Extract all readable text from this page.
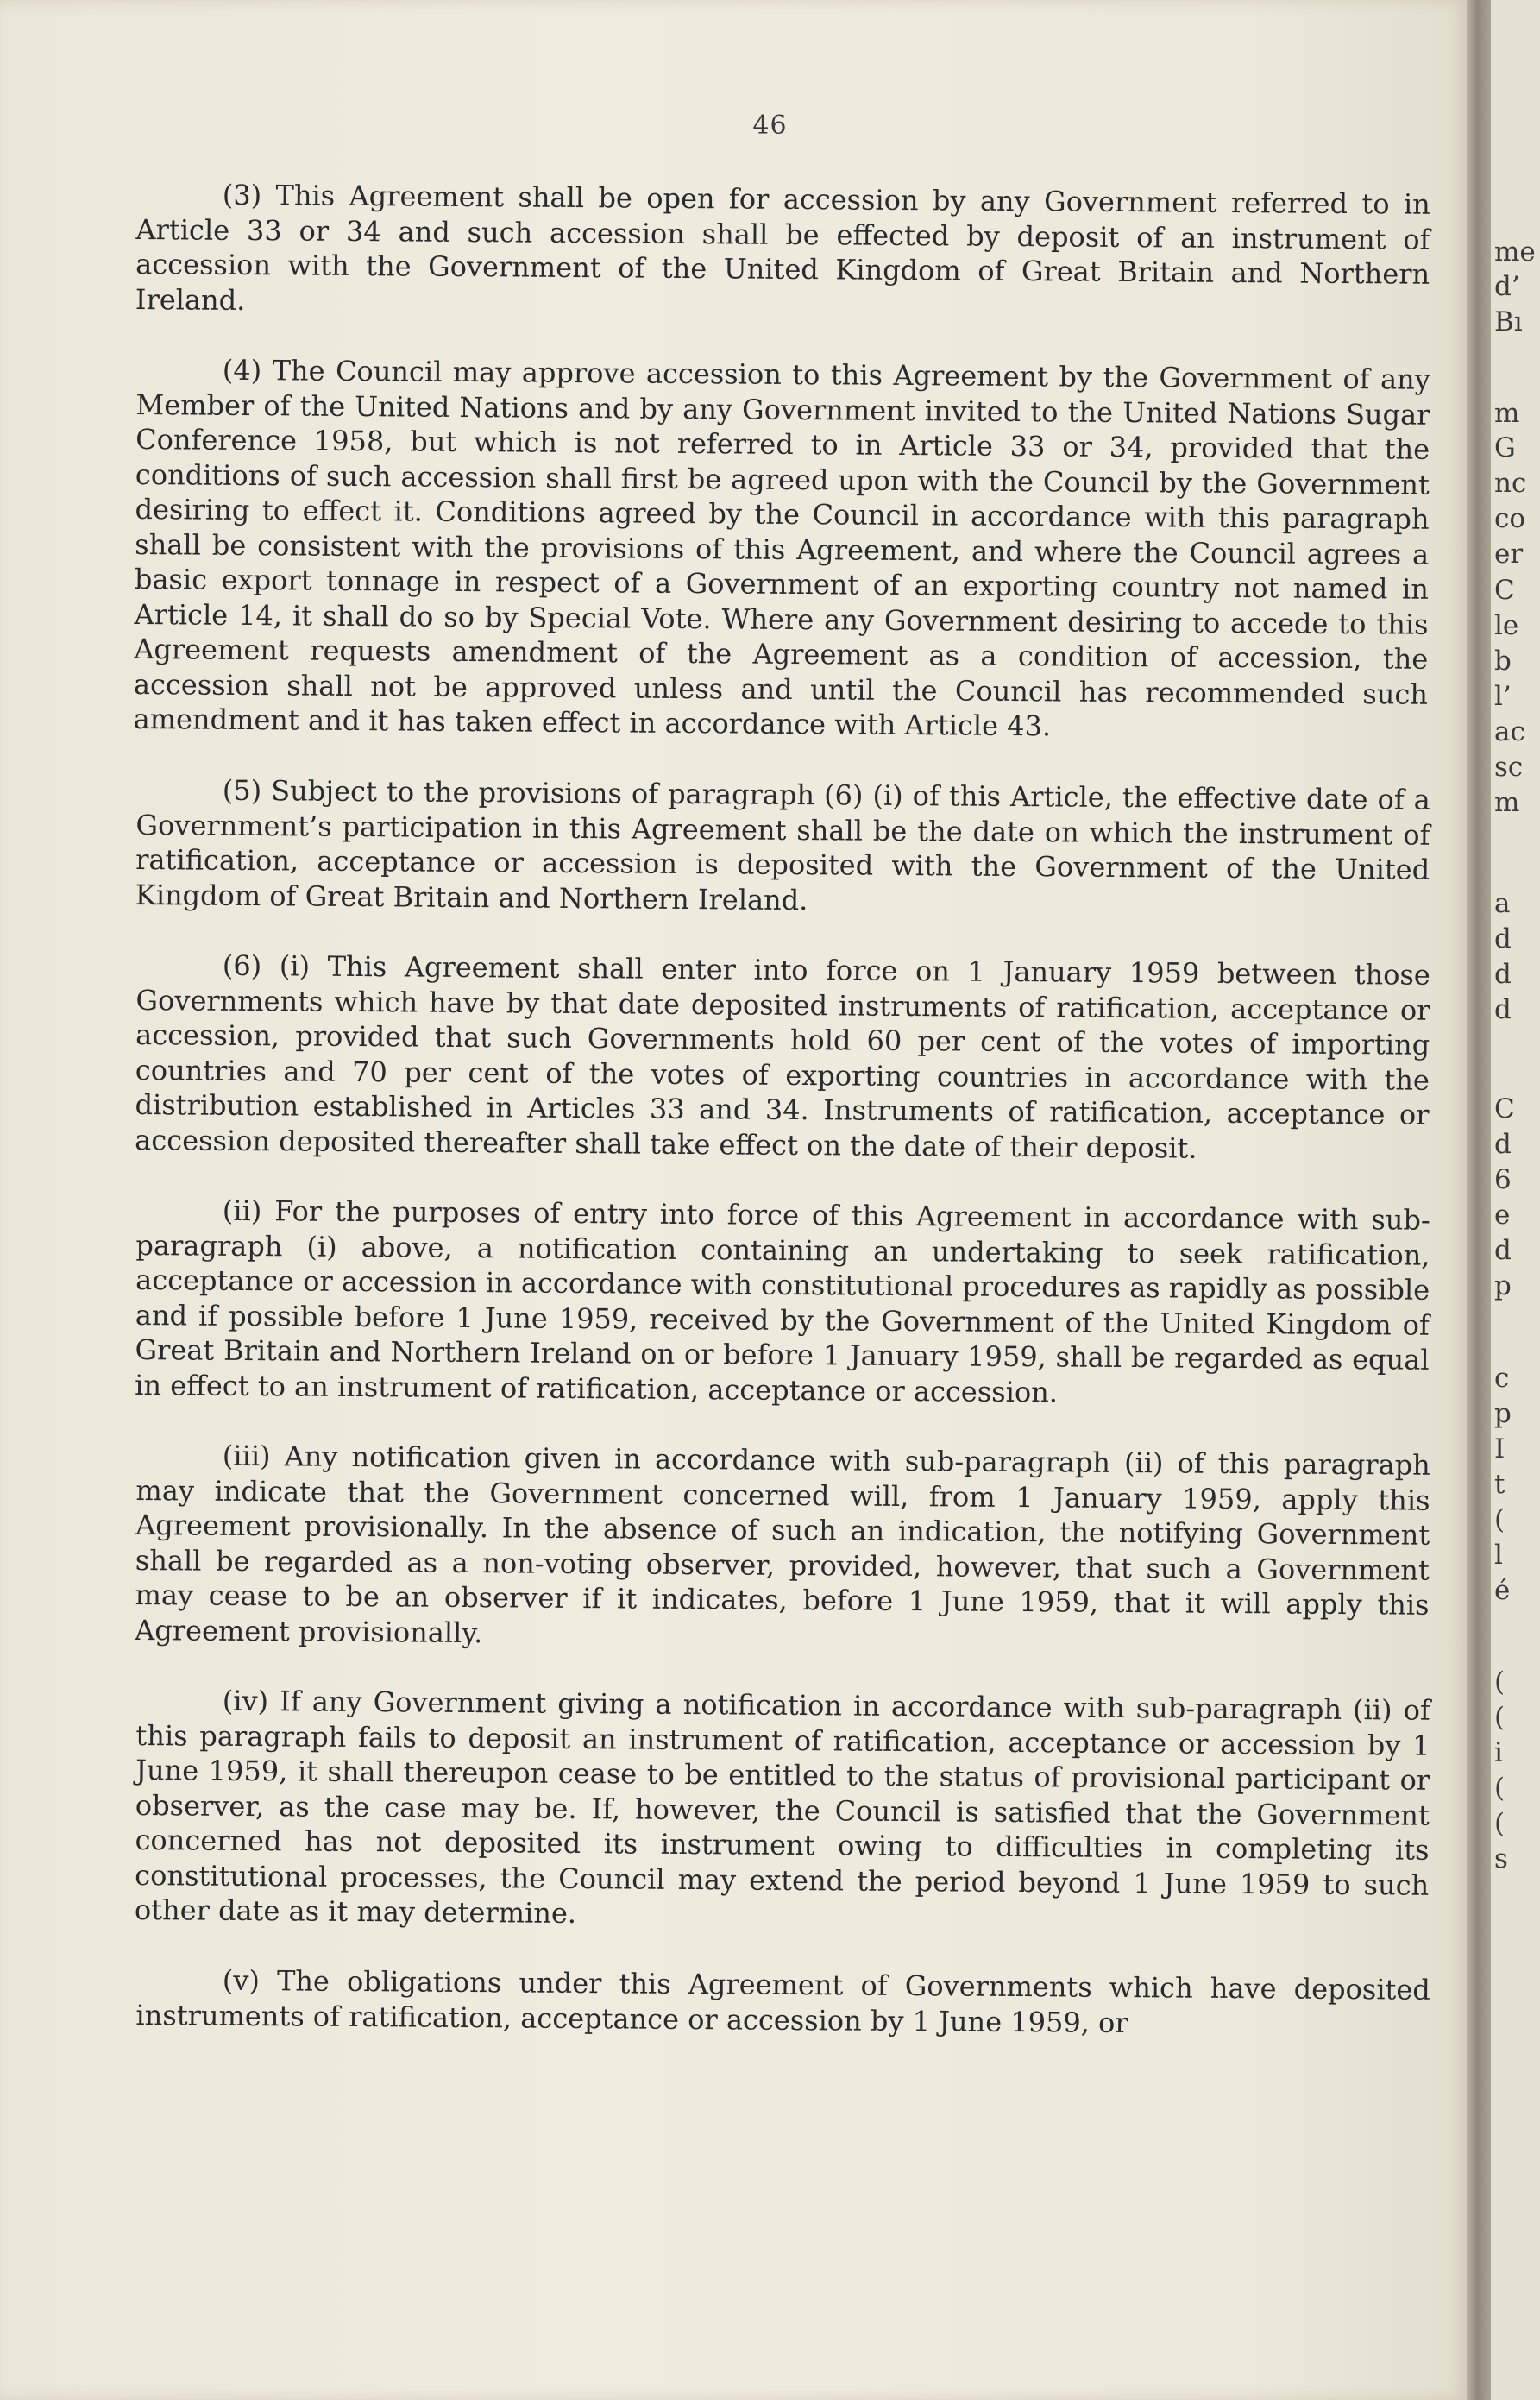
46

(3) This Agreement shall be open for accession by any Government referred to in Article 33 or 34 and such accession shall be effected by deposit of an instrument of accession with the Government of the United Kingdom of Great Britain and Northern Ireland.

(4) The Council may approve accession to this Agreement by the Government of any Member of the United Nations and by any Government invited to the United Nations Sugar Conference 1958, but which is not referred to in Article 33 or 34, provided that the conditions of such accession shall first be agreed upon with the Council by the Government desiring to effect it. Conditions agreed by the Council in accordance with this paragraph shall be consistent with the provisions of this Agreement, and where the Council agrees a basic export tonnage in respect of a Government of an exporting country not named in Article 14, it shall do so by Special Vote. Where any Government desiring to accede to this Agreement requests amendment of the Agreement as a condition of accession, the accession shall not be approved unless and until the Council has recommended such amendment and it has taken effect in accordance with Article 43.

(5) Subject to the provisions of paragraph (6) (i) of this Article, the effective date of a Government’s participation in this Agreement shall be the date on which the instrument of ratification, acceptance or accession is deposited with the Government of the United Kingdom of Great Britain and Northern Ireland.

(6) (i) This Agreement shall enter into force on 1 January 1959 between those Governments which have by that date deposited instruments of ratification, acceptance or accession, provided that such Governments hold 60 per cent of the votes of importing countries and 70 per cent of the votes of exporting countries in accordance with the distribution established in Articles 33 and 34. Instruments of ratification, acceptance or accession deposited thereafter shall take effect on the date of their deposit.

(ii) For the purposes of entry into force of this Agreement in accordance with sub-paragraph (i) above, a notification containing an undertaking to seek ratification, acceptance or accession in accordance with constitutional procedures as rapidly as possible and if possible before 1 June 1959, received by the Government of the United Kingdom of Great Britain and Northern Ireland on or before 1 January 1959, shall be regarded as equal in effect to an instrument of ratification, acceptance or accession.

(iii) Any notification given in accordance with sub-paragraph (ii) of this paragraph may indicate that the Government concerned will, from 1 January 1959, apply this Agreement provisionally. In the absence of such an indication, the notifying Government shall be regarded as a non-voting observer, provided, however, that such a Government may cease to be an observer if it indicates, before 1 June 1959, that it will apply this Agreement provisionally.

(iv) If any Government giving a notification in accordance with sub-paragraph (ii) of this paragraph fails to deposit an instrument of ratification, acceptance or accession by 1 June 1959, it shall thereupon cease to be entitled to the status of provisional participant or observer, as the case may be. If, however, the Council is satisfied that the Government concerned has not deposited its instrument owing to difficulties in completing its constitutional processes, the Council may extend the period beyond 1 June 1959 to such other date as it may determine.

(v) The obligations under this Agreement of Governments which have deposited instruments of ratification, acceptance or accession by 1 June 1959, or

me
d’
Bı
m
G
nc
co
er
C
le
b
l’
ac
sc
m
a
d
d
d
C
d
6
e
d
p
c
p
I
t
(
l
é
(
(
i
(
(
s
